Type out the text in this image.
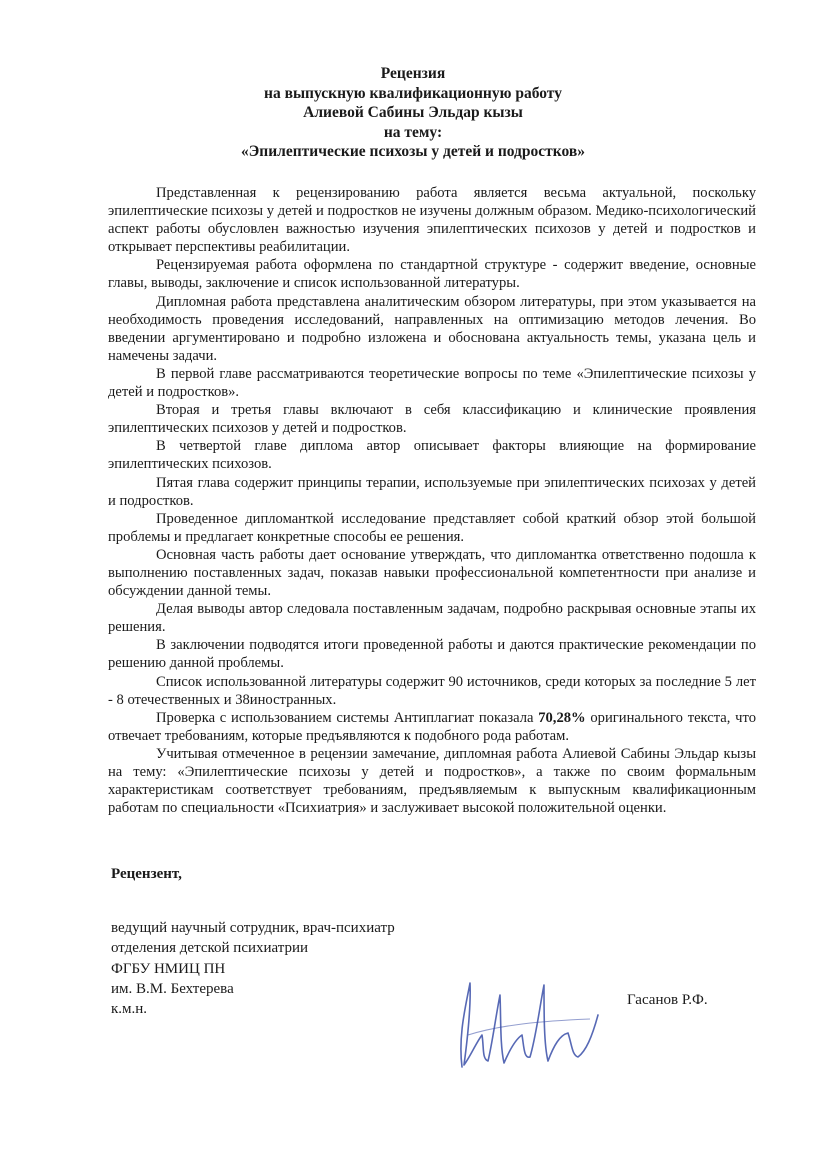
Рецензия
на выпускную квалификационную работу
Алиевой Сабины Эльдар кызы
на тему:
«Эпилептические психозы у детей и подростков»

Представленная к рецензированию работа является весьма актуальной, поскольку эпилептические психозы у детей и подростков не изучены должным образом. Медико-психологический аспект работы обусловлен важностью изучения эпилептических психозов у детей и подростков и открывает перспективы реабилитации.

Рецензируемая работа оформлена по стандартной структуре - содержит введение, основные главы, выводы, заключение и список использованной литературы.

Дипломная работа представлена аналитическим обзором литературы, при этом указывается на необходимость проведения исследований, направленных на оптимизацию методов лечения. Во введении аргументировано и подробно изложена и обоснована актуальность темы, указана цель и намечены задачи.

В первой главе рассматриваются теоретические вопросы по теме «Эпилептические психозы у детей и подростков».

Вторая и третья главы включают в себя классификацию и клинические проявления эпилептических психозов у детей и подростков.

В четвертой главе диплома автор описывает факторы влияющие на формирование эпилептических психозов.

Пятая глава содержит принципы терапии, используемые при эпилептических психозах у детей и подростков.

Проведенное дипломанткой исследование представляет собой краткий обзор этой большой проблемы и предлагает конкретные способы ее решения.

Основная часть работы дает основание утверждать, что дипломантка ответственно подошла к выполнению поставленных задач, показав навыки профессиональной компетентности при анализе и обсуждении данной темы.

Делая выводы автор следовала поставленным задачам, подробно раскрывая основные этапы их решения.

В заключении подводятся итоги проведенной работы и даются практические рекомендации по решению данной проблемы.

Список использованной литературы содержит 90 источников, среди которых за последние 5 лет - 8 отечественных и 38иностранных.

Проверка с использованием системы Антиплагиат показала 70,28% оригинального текста, что отвечает требованиям, которые предъявляются к подобного рода работам.

Учитывая отмеченное в рецензии замечание, дипломная работа Алиевой Сабины Эльдар кызы на тему: «Эпилептические психозы у детей и подростков», а также по своим формальным характеристикам соответствует требованиям, предъявляемым к выпускным квалификационным работам по специальности «Психиатрия» и заслуживает высокой положительной оценки.

Рецензент,
ведущий научный сотрудник, врач-психиатр
отделения детской психиатрии
ФГБУ НМИЦ ПН
им. В.М. Бехтерева
к.м.н.
Гасанов Р.Ф.
